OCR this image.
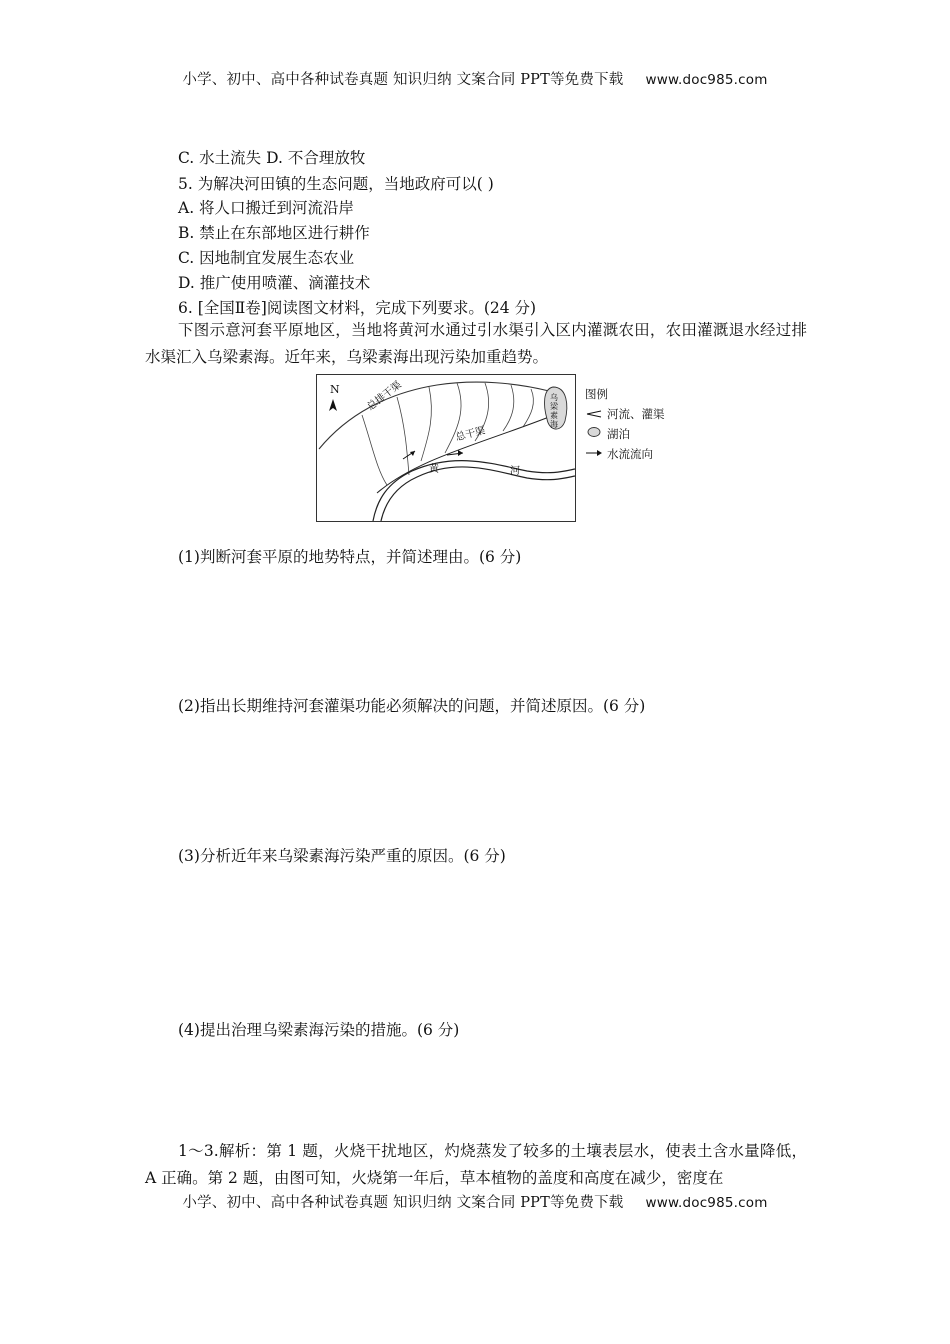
小学、初中、高中各种试卷真题 知识归纳 文案合同 PPT等免费下载 www.doc985.com
C. 水土流失 D. 不合理放牧
5. 为解决河田镇的生态问题，当地政府可以( )
A. 将人口搬迁到河流沿岸
B. 禁止在东部地区进行耕作
C. 因地制宜发展生态农业
D. 推广使用喷灌、滴灌技术
6. [全国Ⅱ卷]阅读图文材料，完成下列要求。(24 分)
下图示意河套平原地区，当地将黄河水通过引水渠引入区内灌溉农田，农田灌溉退水经过排水渠汇入乌梁素海。近年来，乌梁素海出现污染加重趋势。
N	总排干渠
总干渠
黄	河
乌梁素海
图例
河流、灌渠
湖泊
水流流向
(1)判断河套平原的地势特点，并简述理由。(6 分)
(2)指出长期维持河套灌渠功能必须解决的问题，并简述原因。(6 分)
(3)分析近年来乌梁素海污染严重的原因。(6 分)
(4)提出治理乌梁素海污染的措施。(6 分)
1～3.解析：第 1 题，火烧干扰地区，灼烧蒸发了较多的土壤表层水，使表土含水量降低，A 正确。第 2 题，由图可知，火烧第一年后，草本植物的盖度和高度在减少，密度在
小学、初中、高中各种试卷真题 知识归纳 文案合同 PPT等免费下载 www.doc985.com
